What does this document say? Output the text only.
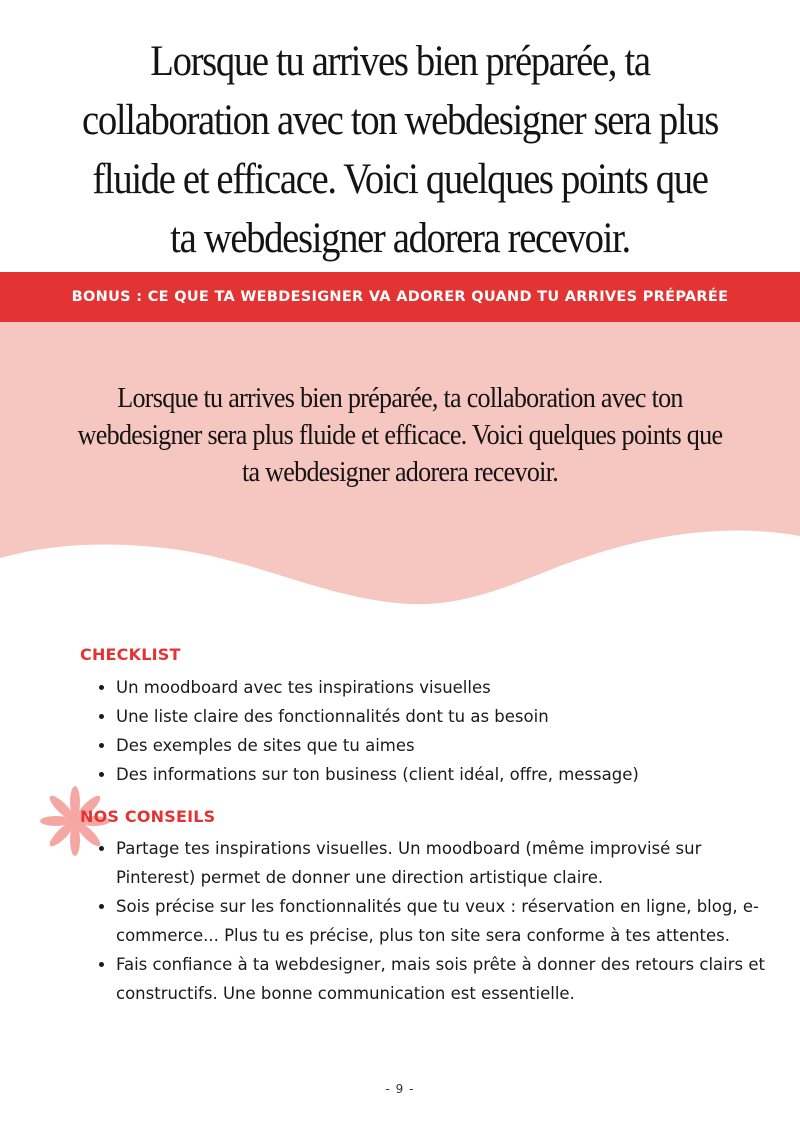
Lorsque tu arrives bien préparée, ta collaboration avec ton webdesigner sera plus fluide et efficace. Voici quelques points que ta webdesigner adorera recevoir.
BONUS : CE QUE TA WEBDESIGNER VA ADORER QUAND TU ARRIVES PRÉPARÉE
Lorsque tu arrives bien préparée, ta collaboration avec ton webdesigner sera plus fluide et efficace. Voici quelques points que ta webdesigner adorera recevoir.
CHECKLIST
• Un moodboard avec tes inspirations visuelles
• Une liste claire des fonctionnalités dont tu as besoin
• Des exemples de sites que tu aimes
• Des informations sur ton business (client idéal, offre, message)
NOS CONSEILS
• Partage tes inspirations visuelles. Un moodboard (même improvisé sur Pinterest) permet de donner une direction artistique claire.
• Sois précise sur les fonctionnalités que tu veux : réservation en ligne, blog, e-commerce... Plus tu es précise, plus ton site sera conforme à tes attentes.
• Fais confiance à ta webdesigner, mais sois prête à donner des retours clairs et constructifs. Une bonne communication est essentielle.
- 9 -
